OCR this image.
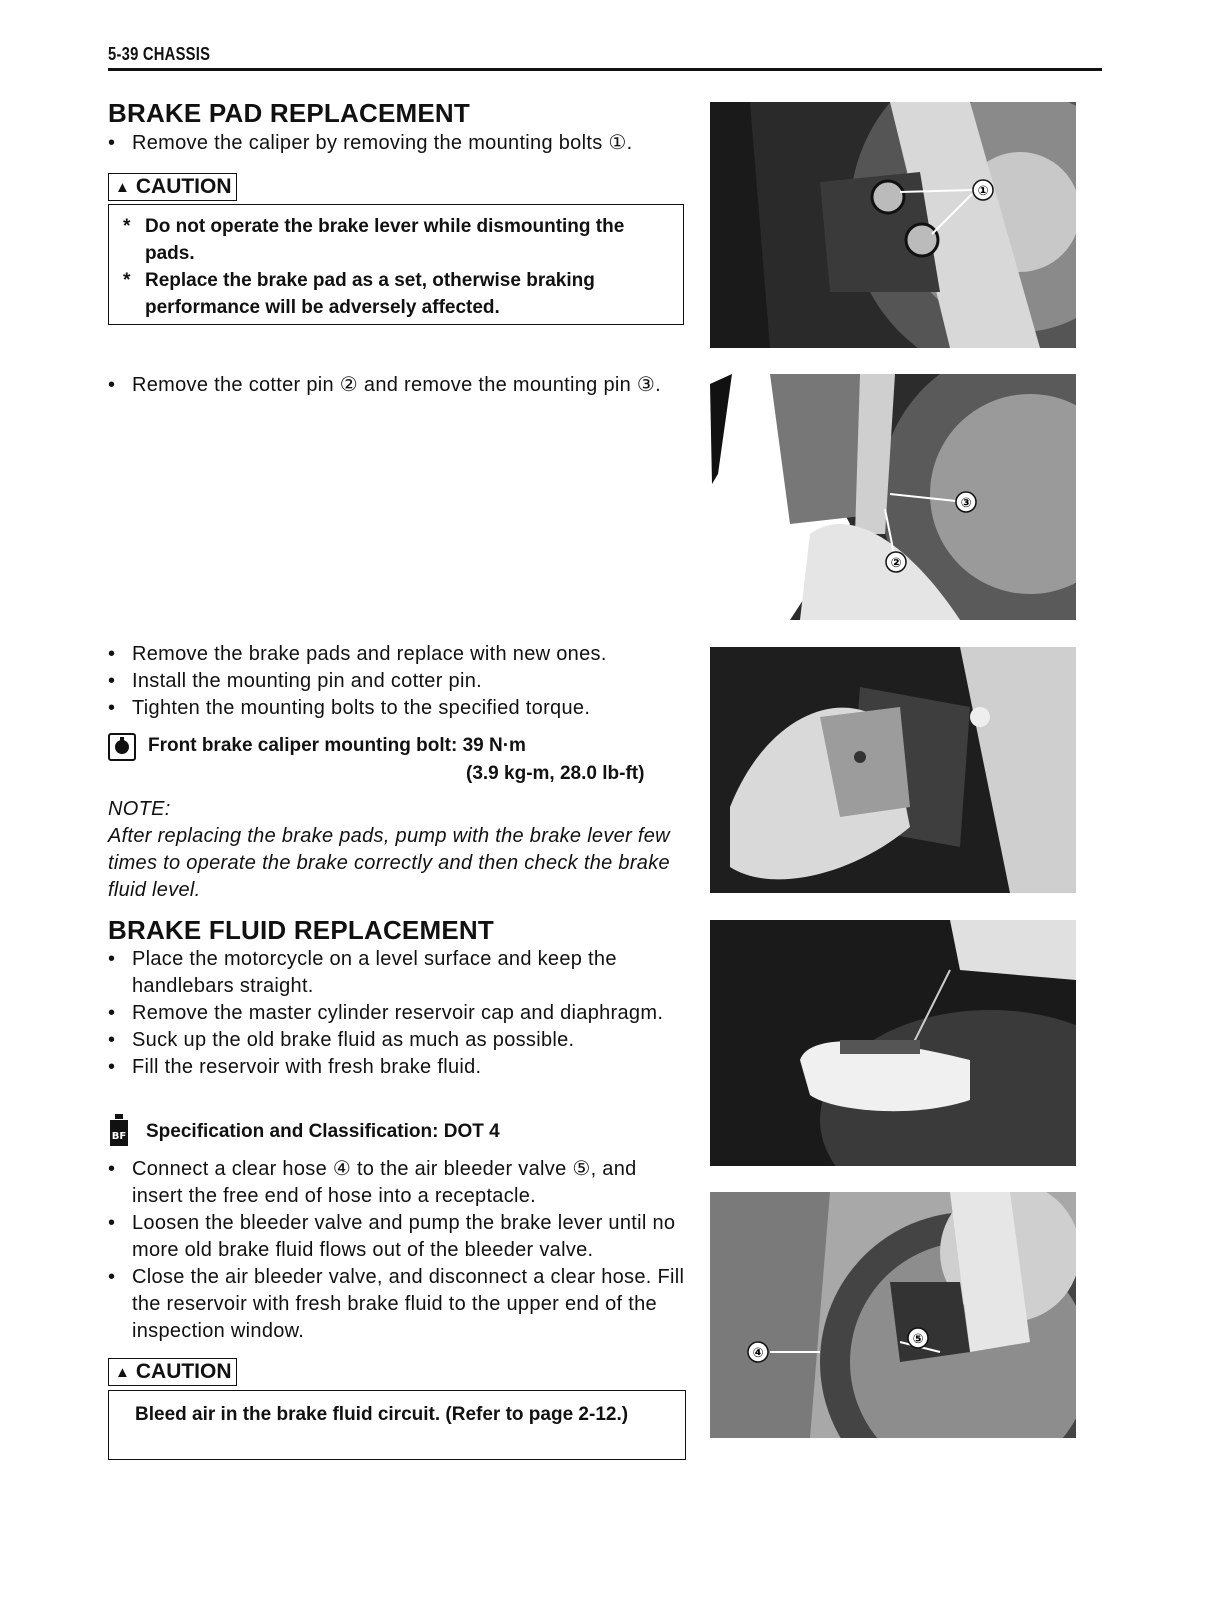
5-39 CHASSIS
BRAKE PAD REPLACEMENT
• Remove the caliper by removing the mounting bolts ①.
▲ CAUTION
* Do not operate the brake lever while dismounting the pads.
* Replace the brake pad as a set, otherwise braking performance will be adversely affected.
• Remove the cotter pin ② and remove the mounting pin ③.
• Remove the brake pads and replace with new ones.
• Install the mounting pin and cotter pin.
• Tighten the mounting bolts to the specified torque.
Front brake caliper mounting bolt: 39 N·m
(3.9 kg-m, 28.0 lb-ft)
NOTE:
After replacing the brake pads, pump with the brake lever few times to operate the brake correctly and then check the brake fluid level.
BRAKE FLUID REPLACEMENT
• Place the motorcycle on a level surface and keep the handlebars straight.
• Remove the master cylinder reservoir cap and diaphragm.
• Suck up the old brake fluid as much as possible.
• Fill the reservoir with fresh brake fluid.
BF Specification and Classification: DOT 4
• Connect a clear hose ④ to the air bleeder valve ⑤, and insert the free end of hose into a receptacle.
• Loosen the bleeder valve and pump the brake lever until no more old brake fluid flows out of the bleeder valve.
• Close the air bleeder valve, and disconnect a clear hose. Fill the reservoir with fresh brake fluid to the upper end of the inspection window.
▲ CAUTION
Bleed air in the brake fluid circuit. (Refer to page 2-12.)
①
③
②
⑤
④
